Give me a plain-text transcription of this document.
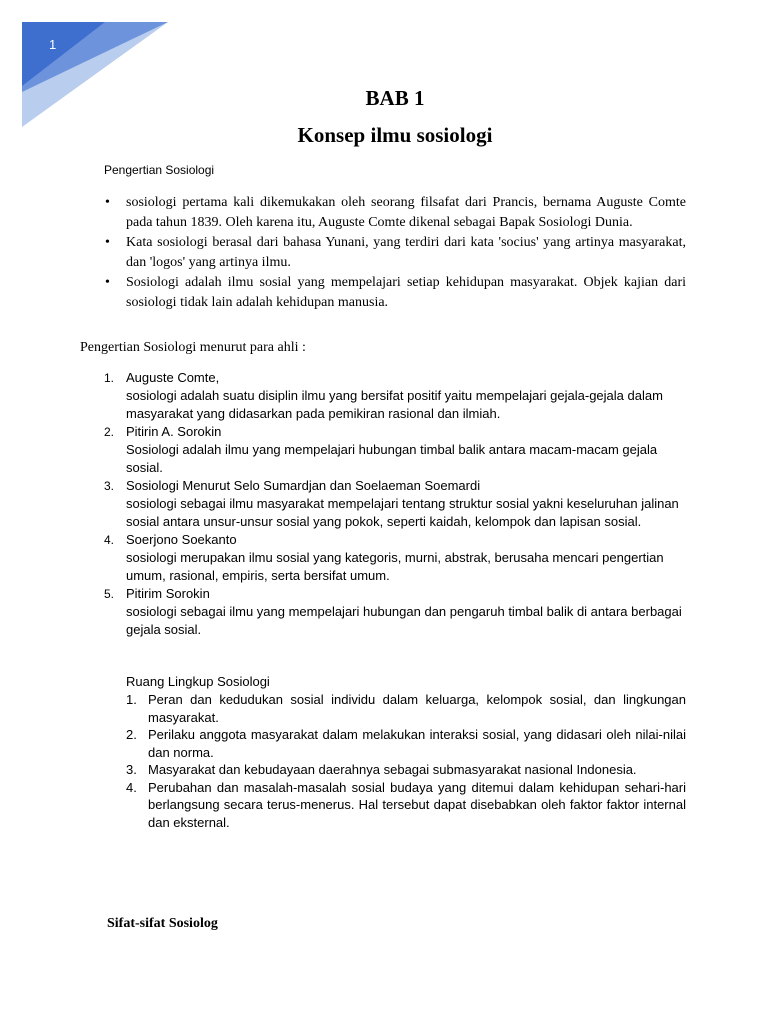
1
BAB 1
Konsep ilmu sosiologi
Pengertian Sosiologi
• sosiologi pertama kali dikemukakan oleh seorang filsafat dari Prancis, bernama Auguste Comte pada tahun 1839. Oleh karena itu, Auguste Comte dikenal sebagai Bapak Sosiologi Dunia.
• Kata sosiologi berasal dari bahasa Yunani, yang terdiri dari kata 'socius' yang artinya masyarakat, dan 'logos' yang artinya ilmu.
• Sosiologi adalah ilmu sosial yang mempelajari setiap kehidupan masyarakat. Objek kajian dari sosiologi tidak lain adalah kehidupan manusia.
Pengertian Sosiologi menurut para ahli :
1. Auguste Comte,
sosiologi adalah suatu disiplin ilmu yang bersifat positif yaitu mempelajari gejala-gejala dalam masyarakat yang didasarkan pada pemikiran rasional dan ilmiah.
2. Pitirin A. Sorokin
Sosiologi adalah ilmu yang mempelajari hubungan timbal balik antara macam-macam gejala sosial.
3. Sosiologi Menurut Selo Sumardjan dan Soelaeman Soemardi
sosiologi sebagai ilmu masyarakat mempelajari tentang struktur sosial yakni keseluruhan jalinan sosial antara unsur-unsur sosial yang pokok, seperti kaidah, kelompok dan lapisan sosial.
4. Soerjono Soekanto
sosiologi merupakan ilmu sosial yang kategoris, murni, abstrak, berusaha mencari pengertian umum, rasional, empiris, serta bersifat umum.
5. Pitirim Sorokin
sosiologi sebagai ilmu yang mempelajari hubungan dan pengaruh timbal balik di antara berbagai gejala sosial.
Ruang Lingkup Sosiologi
1. Peran dan kedudukan sosial individu dalam keluarga, kelompok sosial, dan lingkungan masyarakat.
2. Perilaku anggota masyarakat dalam melakukan interaksi sosial, yang didasari oleh nilai-nilai dan norma.
3. Masyarakat dan kebudayaan daerahnya sebagai submasyarakat nasional Indonesia.
4. Perubahan dan masalah-masalah sosial budaya yang ditemui dalam kehidupan sehari-hari berlangsung secara terus-menerus. Hal tersebut dapat disebabkan oleh faktor faktor internal dan eksternal.
Sifat-sifat Sosiolog
